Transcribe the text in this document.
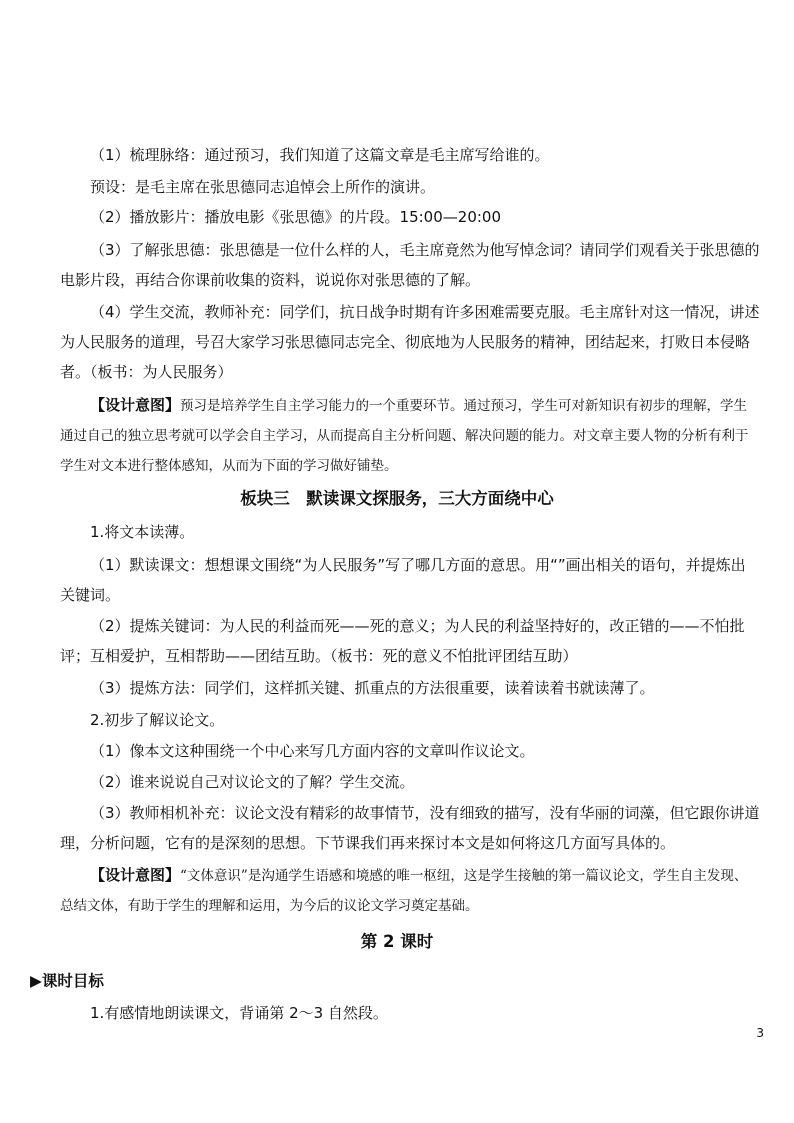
（1）梳理脉络：通过预习，我们知道了这篇文章是毛主席写给谁的。
预设：是毛主席在张思德同志追悼会上所作的演讲。
（2）播放影片：播放电影《张思德》的片段。15:00—20:00
（3）了解张思德：张思德是一位什么样的人，毛主席竟然为他写悼念词？请同学们观看关于张思德的电影片段，再结合你课前收集的资料，说说你对张思德的了解。
（4）学生交流，教师补充：同学们，抗日战争时期有许多困难需要克服。毛主席针对这一情况，讲述为人民服务的道理，号召大家学习张思德同志完全、彻底地为人民服务的精神，团结起来，打败日本侵略者。（板书：为人民服务）
【设计意图】预习是培养学生自主学习能力的一个重要环节。通过预习，学生可对新知识有初步的理解，学生通过自己的独立思考就可以学会自主学习，从而提高自主分析问题、解决问题的能力。对文章主要人物的分析有利于学生对文本进行整体感知，从而为下面的学习做好铺垫。
板块三　默读课文探服务，三大方面绕中心
1.将文本读薄。
（1）默读课文：想想课文围绕“为人民服务”写了哪几方面的意思。用“”画出相关的语句，并提炼出关键词。
（2）提炼关键词：为人民的利益而死——死的意义；为人民的利益坚持好的，改正错的——不怕批评；互相爱护，互相帮助——团结互助。（板书：死的意义不怕批评团结互助）
（3）提炼方法：同学们，这样抓关键、抓重点的方法很重要，读着读着书就读薄了。
2.初步了解议论文。
（1）像本文这种围绕一个中心来写几方面内容的文章叫作议论文。
（2）谁来说说自己对议论文的了解？学生交流。
（3）教师相机补充：议论文没有精彩的故事情节，没有细致的描写，没有华丽的词藻，但它跟你讲道理，分析问题，它有的是深刻的思想。下节课我们再来探讨本文是如何将这几方面写具体的。
【设计意图】“文体意识”是沟通学生语感和境感的唯一枢纽，这是学生接触的第一篇议论文，学生自主发现、总结文体，有助于学生的理解和运用，为今后的议论文学习奠定基础。
第 2 课时
▶课时目标
1.有感情地朗读课文，背诵第 2～3 自然段。
3
